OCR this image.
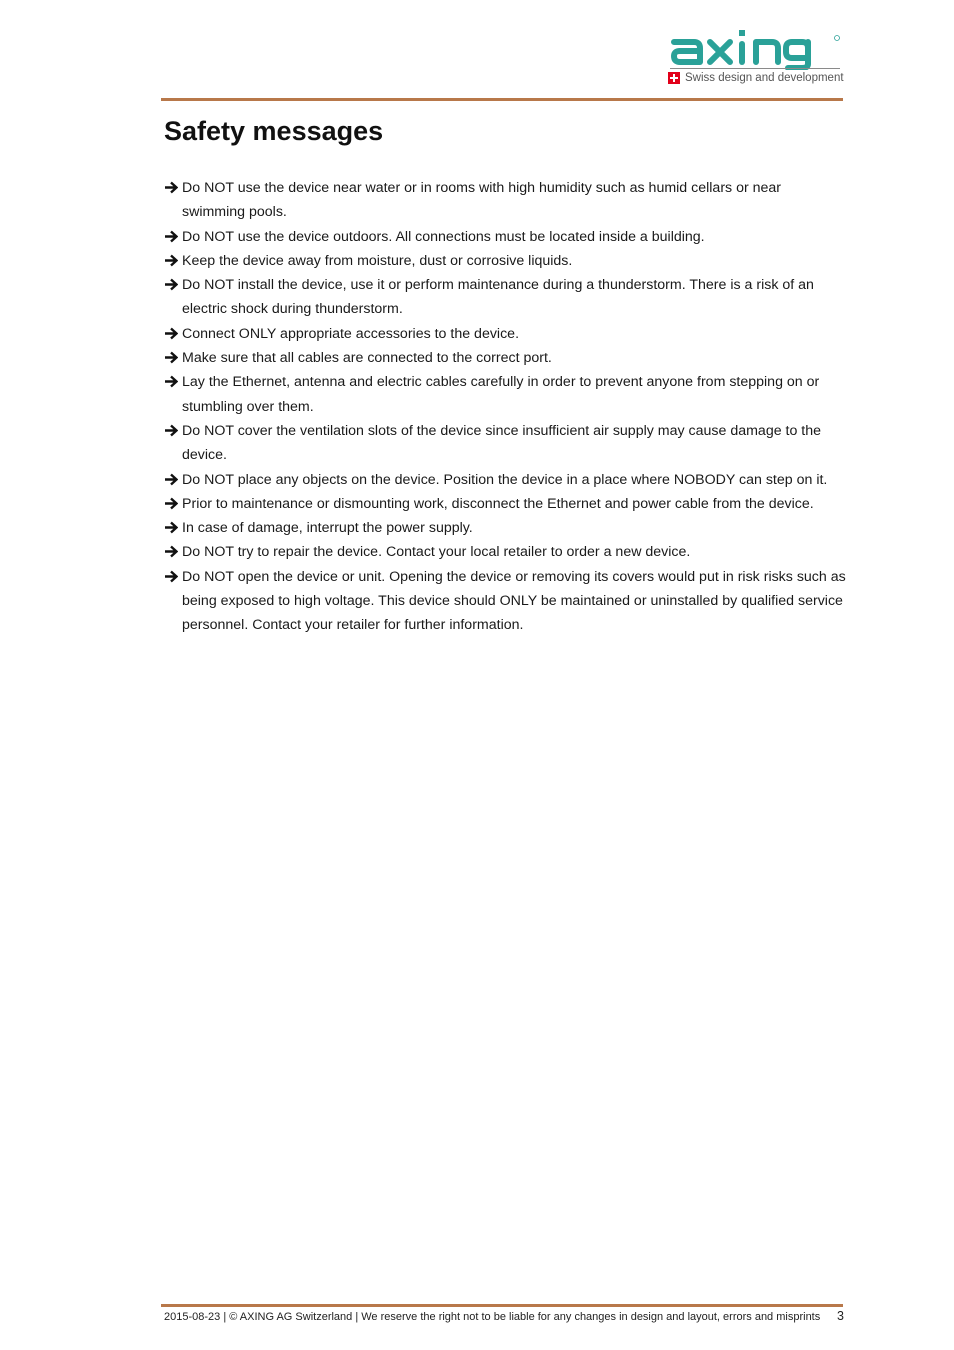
Swiss design and development
Safety messages
Do NOT use the device near water or in rooms with high humidity such as humid cellars or near swimming pools.
Do NOT use the device outdoors. All connections must be located inside a building.
Keep the device away from moisture, dust or corrosive liquids.
Do NOT install the device, use it or perform maintenance during a thunderstorm. There is a risk of an electric shock during thunderstorm.
Connect ONLY appropriate accessories to the device.
Make sure that all cables are connected to the correct port.
Lay the Ethernet, antenna and electric cables carefully in order to prevent anyone from stepping on or stumbling over them.
Do NOT cover the ventilation slots of the device since insufficient air supply may cause damage to the device.
Do NOT place any objects on the device. Position the device in a place where NOBODY can step on it.
Prior to maintenance or dismounting work, disconnect the Ethernet and power cable from the device.
In case of damage, interrupt the power supply.
Do NOT try to repair the device. Contact your local retailer to order a new device.
Do NOT open the device or unit. Opening the device or removing its covers would put in risk risks such as being exposed to high voltage. This device should ONLY be maintained or uninstalled by qualified service personnel. Contact your retailer for further information.
2015-08-23 | © AXING AG Switzerland | We reserve the right not to be liable for any changes in design and layout, errors and misprints 3
